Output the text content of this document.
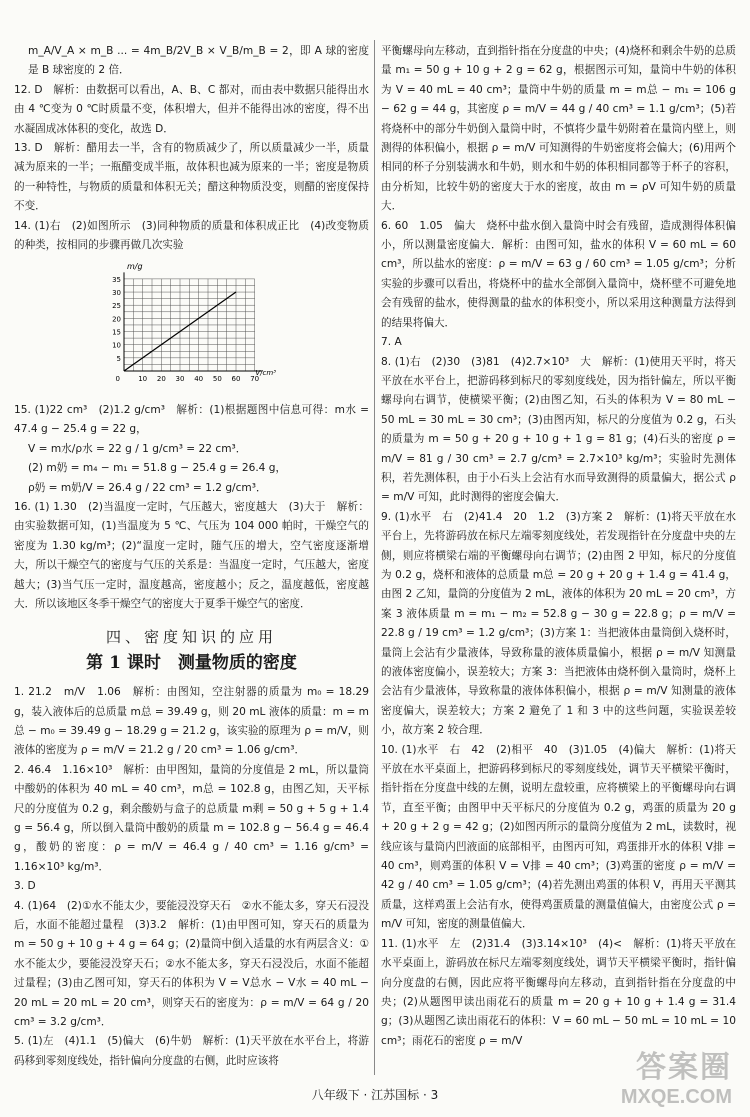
m_A/V_A × m_B ... = 4m_B/2V_B × V_B/m_B = 2，即 A 球的密度是 B 球密度的 2 倍．

12. D　解析：由数据可以看出，A、B、C 都对，而由表中数据只能得出水由 4 ℃变为 0 ℃时质量不变，体积增大，但并不能得出冰的密度，得不出水凝固成冰体积的变化，故选 D．

13. D　解析：醋用去一半，含有的物质减少了，所以质量减少一半，质量减为原来的一半；一瓶醋变成半瓶，故体积也减为原来的一半；密度是物质的一种特性，与物质的质量和体积无关；醋这种物质没变，则醋的密度保持不变．

14. (1)右　(2)如图所示　(3)同种物质的质量和体积成正比　(4)改变物质的种类，按相同的步骤再做几次实验

5
10
15
20
25
30
35
10 20 30 40 50 60 70
0
m/g
V/cm³

15. (1)22 cm³　(2)1.2 g/cm³　解析：(1)根据题图中信息可得：m水 = 47.4 g − 25.4 g = 22 g，

V = m水/ρ水 = 22 g / 1 g/cm³ = 22 cm³．

(2) m奶 = m₄ − m₁ = 51.8 g − 25.4 g = 26.4 g，

ρ奶 = m奶/V = 26.4 g / 22 cm³ = 1.2 g/cm³．

16. (1) 1.30　(2)当温度一定时，气压越大，密度越大　(3)大于　解析：由实验数据可知，(1)当温度为 5 ℃、气压为 104 000 帕时，干燥空气的密度为 1.30 kg/m³；(2)“温度一定时，随气压的增大，空气密度逐渐增大，所以干燥空气的密度与气压的关系是：当温度一定时，气压越大，密度越大；(3)当气压一定时，温度越高，密度越小；反之，温度越低，密度越大．所以该地区冬季干燥空气的密度大于夏季干燥空气的密度．

四、密度知识的应用
第 1 课时　测量物质的密度

1. 21.2　m/V　1.06　解析：由图知，空注射器的质量为 m₀ = 18.29 g，装入液体后的总质量 m总 = 39.49 g，则 20 mL 液体的质量：m = m总 − m₀ = 39.49 g − 18.29 g = 21.2 g，该实验的原理为 ρ = m/V，则液体的密度为 ρ = m/V = 21.2 g / 20 cm³ = 1.06 g/cm³．

2. 46.4　1.16×10³　解析：由甲图知，量筒的分度值是 2 mL，所以量筒中酸奶的体积为 40 mL = 40 cm³，m总 = 102.8 g，由图乙知，天平标尺的分度值为 0.2 g，剩余酸奶与盒子的总质量 m剩 = 50 g + 5 g + 1.4 g = 56.4 g，所以倒入量筒中酸奶的质量 m = 102.8 g − 56.4 g = 46.4 g，酸奶的密度：ρ = m/V = 46.4 g / 40 cm³ = 1.16 g/cm³ = 1.16×10³ kg/m³．

3. D

4. (1)64　(2)①水不能太少，要能浸没穿天石　②水不能太多，穿天石浸没后，水面不能超过量程　(3)3.2　解析：(1)由甲图可知，穿天石的质量为 m = 50 g + 10 g + 4 g = 64 g；(2)量筒中倒入适量的水有两层含义：①水不能太少，要能浸没穿天石；②水不能太多，穿天石浸没后，水面不能超过量程；(3)由乙图可知，穿天石的体积为 V = V总水 − V水 = 40 mL − 20 mL = 20 mL = 20 cm³，则穿天石的密度为：ρ = m/V = 64 g / 20 cm³ = 3.2 g/cm³．

5. (1)左　(4)1.1　(5)偏大　(6)牛奶　解析：(1)天平放在水平台上，将游码移到零刻度线处，指针偏向分度盘的右侧，此时应该将

平衡螺母向左移动，直到指针指在分度盘的中央；(4)烧杯和剩余牛奶的总质量 m₁ = 50 g + 10 g + 2 g = 62 g，根据图示可知，量筒中牛奶的体积为 V = 40 mL = 40 cm³；量筒中牛奶的质量 m = m总 − m₁ = 106 g − 62 g = 44 g，其密度 ρ = m/V = 44 g / 40 cm³ = 1.1 g/cm³；(5)若将烧杯中的部分牛奶倒入量筒中时，不慎将少量牛奶附着在量筒内壁上，则测得的体积偏小，根据 ρ = m/V 可知测得的牛奶密度将会偏大；(6)用两个相同的杯子分别装满水和牛奶，则水和牛奶的体积相同都等于杯子的容积，由分析知，比较牛奶的密度大于水的密度，故由 m = ρV 可知牛奶的质量大．

6. 60　1.05　偏大　烧杯中盐水倒入量筒中时会有残留，造成测得体积偏小，所以测量密度偏大．解析：由图可知，盐水的体积 V = 60 mL = 60 cm³，所以盐水的密度：ρ = m/V = 63 g / 60 cm³ = 1.05 g/cm³；分析实验的步骤可以看出，将烧杯中的盐水全部倒入量筒中，烧杯壁不可避免地会有残留的盐水，使得测量的盐水的体积变小，所以采用这种测量方法得到的结果将偏大．

7. A

8. (1)右　(2)30　(3)81　(4)2.7×10³　大　解析：(1)使用天平时，将天平放在水平台上，把游码移到标尺的零刻度线处，因为指针偏左，所以平衡螺母向右调节，使横梁平衡；(2)由图乙知，石头的体积为 V = 80 mL − 50 mL = 30 mL = 30 cm³；(3)由图丙知，标尺的分度值为 0.2 g，石头的质量为 m = 50 g + 20 g + 10 g + 1 g = 81 g；(4)石头的密度 ρ = m/V = 81 g / 30 cm³ = 2.7 g/cm³ = 2.7×10³ kg/m³；实验时先测体积，若先测体积，由于小石头上会沾有水而导致测得的质量偏大，据公式 ρ = m/V 可知，此时测得的密度会偏大．

9. (1)水平　右　(2)41.4　20　1.2　(3)方案 2　解析：(1)将天平放在水平台上，先将游码放在标尺左端零刻度线处，若发现指针在分度盘中央的左侧，则应将横梁右端的平衡螺母向右调节；(2)由图 2 甲知，标尺的分度值为 0.2 g，烧杯和液体的总质量 m总 = 20 g + 20 g + 1.4 g = 41.4 g，由图 2 乙知，量筒的分度值为 2 mL，液体的体积为 20 mL = 20 cm³，方案 3 液体质量 m = m₁ − m₂ = 52.8 g − 30 g = 22.8 g；ρ = m/V = 22.8 g / 19 cm³ = 1.2 g/cm³；(3)方案 1：当把液体由量筒倒入烧杯时，量筒上会沾有少量液体，导致称量的液体质量偏小，根据 ρ = m/V 知测量的液体密度偏小，误差较大；方案 3：当把液体由烧杯倒入量筒时，烧杯上会沾有少量液体，导致称量的液体体积偏小，根据 ρ = m/V 知测量的液体密度偏大，误差较大；方案 2 避免了 1 和 3 中的这些问题，实验误差较小，故方案 2 较合理．

10. (1)水平　右　42　(2)相平　40　(3)1.05　(4)偏大　解析：(1)将天平放在水平桌面上，把游码移到标尺的零刻度线处，调节天平横梁平衡时，指针指在分度盘中线的左侧，说明左盘较重，应将横梁上的平衡螺母向右调节，直至平衡；由图甲中天平标尺的分度值为 0.2 g，鸡蛋的质量为 20 g + 20 g + 2 g = 42 g；(2)如图丙所示的量筒分度值为 2 mL，读数时，视线应该与量筒内凹液面的底部相平，由图丙可知，鸡蛋排开水的体积 V排 = 40 cm³，则鸡蛋的体积 V = V排 = 40 cm³；(3)鸡蛋的密度 ρ = m/V = 42 g / 40 cm³ = 1.05 g/cm³；(4)若先测出鸡蛋的体积 V，再用天平测其质量，这样鸡蛋上会沾有水，使得鸡蛋质量的测量值偏大，由密度公式 ρ = m/V 可知，密度的测量值偏大．

11. (1)水平　左　(2)31.4　(3)3.14×10³　(4)<　解析：(1)将天平放在水平桌面上，游码放在标尺左端零刻度线处，调节天平横梁平衡时，指针偏向分度盘的右侧，因此应将平衡螺母向左移动，直到指针指在分度盘的中央；(2)从题图甲读出雨花石的质量 m = 20 g + 10 g + 1.4 g = 31.4 g；(3)从题图乙读出雨花石的体积：V = 60 mL − 50 mL = 10 mL = 10 cm³；雨花石的密度 ρ = m/V

八年级下 · 江苏国标 · 3
答案圈
MXQE.COM
